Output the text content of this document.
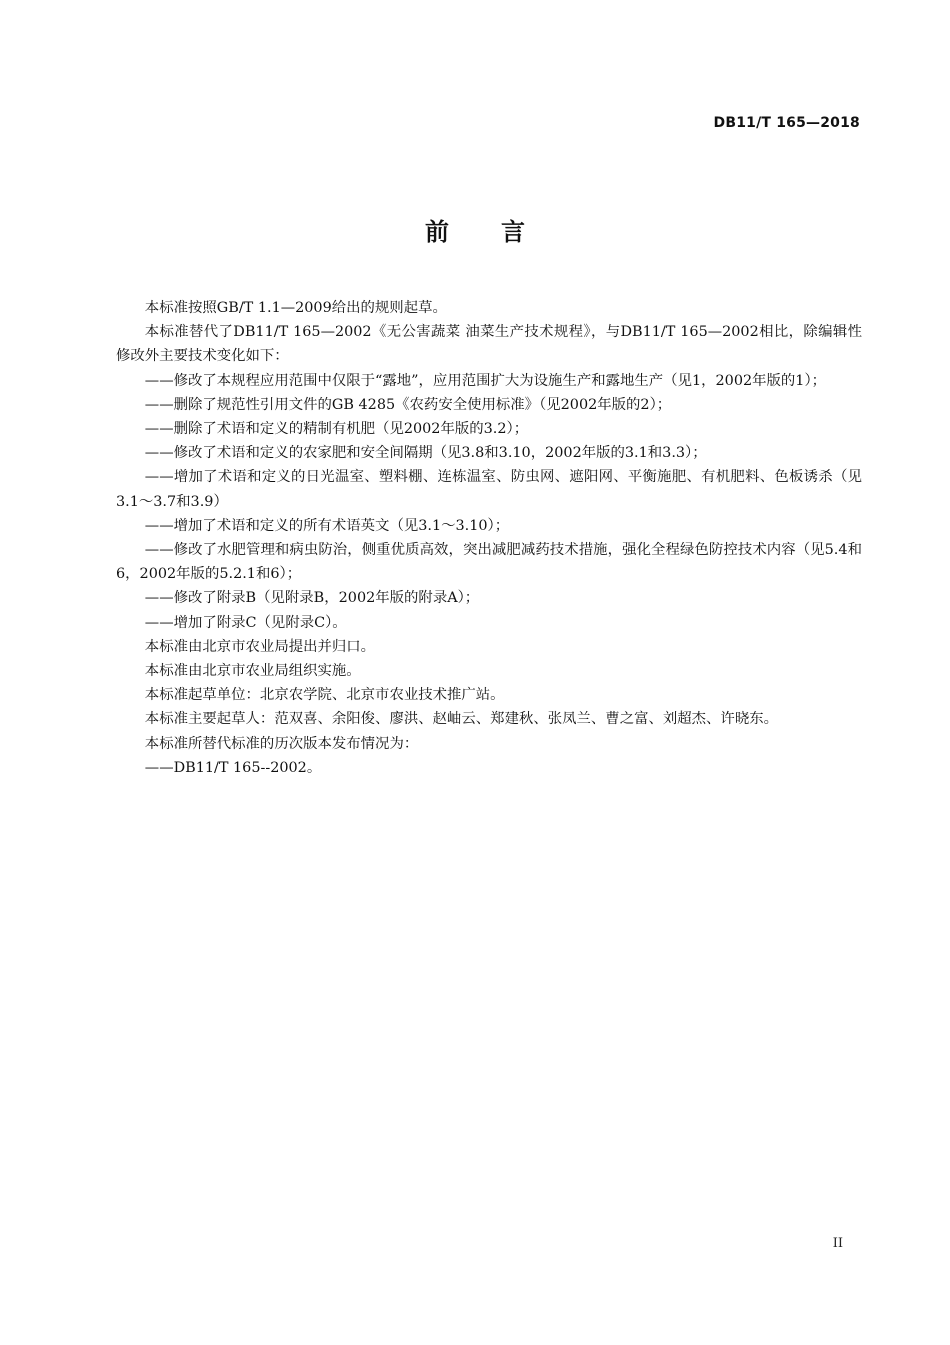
DB11/T 165—2018
前言

本标准按照GB/T 1.1—2009给出的规则起草。

本标准替代了DB11/T 165—2002《无公害蔬菜 油菜生产技术规程》，与DB11/T 165—2002相比，除编辑性修改外主要技术变化如下：

——修改了本规程应用范围中仅限于“露地”，应用范围扩大为设施生产和露地生产（见1，2002年版的1）；

——删除了规范性引用文件的GB 4285《农药安全使用标准》（见2002年版的2）；

——删除了术语和定义的精制有机肥（见2002年版的3.2）；

——修改了术语和定义的农家肥和安全间隔期（见3.8和3.10，2002年版的3.1和3.3）；

——增加了术语和定义的日光温室、塑料棚、连栋温室、防虫网、遮阳网、平衡施肥、有机肥料、色板诱杀（见3.1～3.7和3.9）

——增加了术语和定义的所有术语英文（见3.1～3.10）；

——修改了水肥管理和病虫防治，侧重优质高效，突出减肥减药技术措施，强化全程绿色防控技术内容（见5.4和6，2002年版的5.2.1和6）；

——修改了附录B（见附录B，2002年版的附录A）；

——增加了附录C（见附录C）。

本标准由北京市农业局提出并归口。

本标准由北京市农业局组织实施。

本标准起草单位：北京农学院、北京市农业技术推广站。

本标准主要起草人：范双喜、余阳俊、廖洪、赵岫云、郑建秋、张凤兰、曹之富、刘超杰、许晓东。

本标准所替代标准的历次版本发布情况为：

——DB11/T 165--2002。

II
